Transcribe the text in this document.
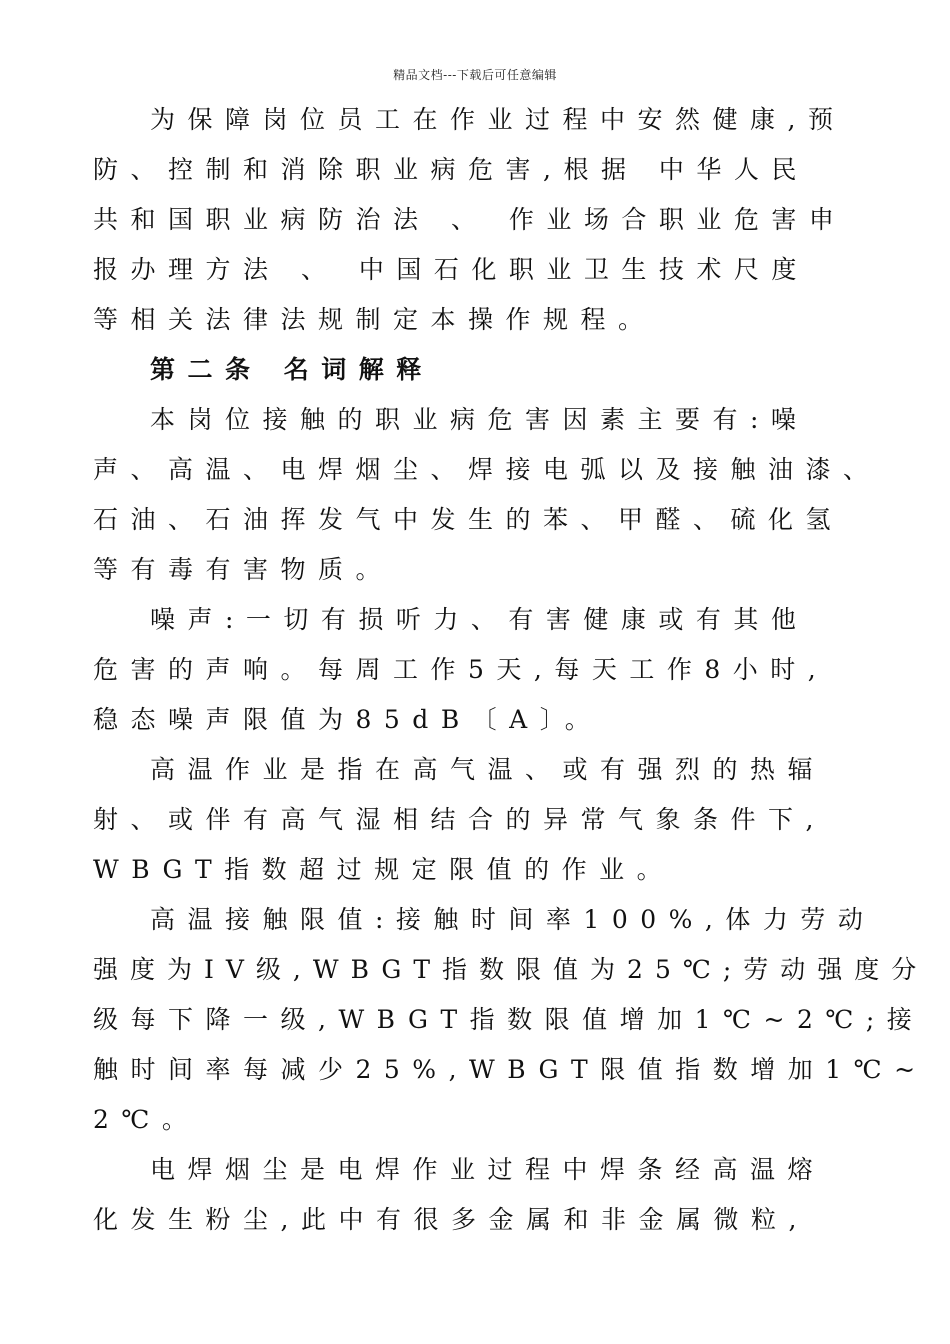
精品文档---下载后可任意编辑
为保障岗位员工在作业过程中安然健康,预
防、控制和消除职业病危害,根据 中华人民
共和国职业病防治法 、 作业场合职业危害申
报办理方法 、 中国石化职业卫生技术尺度
等相关法律法规制定本操作规程。
第二条 名词解释
本岗位接触的职业病危害因素主要有:噪
声、高温、电焊烟尘、焊接电弧以及接触油漆、
石油、石油挥发气中发生的苯、甲醛、硫化氢
等有毒有害物质。
噪声:一切有损听力、有害健康或有其他
危害的声响。每周工作5天,每天工作8小时,
稳态噪声限值为85dB〔A〕。
高温作业是指在高气温、或有强烈的热辐
射、或伴有高气湿相结合的异常气象条件下,
WBGT指数超过规定限值的作业。
高温接触限值:接触时间率100%,体力劳动
强度为IV级,WBGT指数限值为25℃;劳动强度分
级每下降一级,WBGT指数限值增加1℃~2℃;接
触时间率每减少25%,WBGT限值指数增加1℃~
2℃。
电焊烟尘是电焊作业过程中焊条经高温熔
化发生粉尘,此中有很多金属和非金属微粒,
